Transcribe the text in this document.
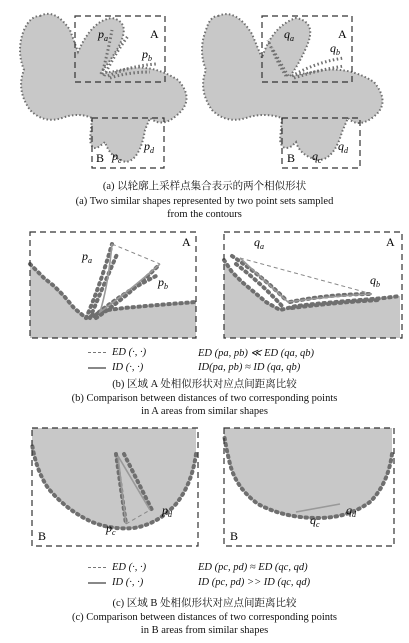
$p_a$	A
$p_b$
B $p_c$
$p_d$
$q_a$	A
$q_b$
B $q_c$
$q_d$
(a) 以轮廓上采样点集合表示的两个相似形状
(a) Two similar shapes represented by two point sets sampled
from the contours
$p_a$
$p_b$
A	$q_a$
$q_b$
A
ED (·, ·)
ID (·, ·)
ED (pa, pb) ≪ ED (qa, qb)
ID(pa, pb) ≈ ID (qa, qb)
(b) 区域 A 处相似形状对应点间距离比较
(b) Comparison between distances of two corresponding points
in A areas from similar shapes
B
$p_c$
$p_d$
B
$q_c$
$q_d$
ED (·, ·)
ID (·, ·)
ED (pc, pd) ≈ ED (qc, qd)
ID (pc, pd) >> ID (qc, qd)
(c) 区域 B 处相似形状对应点间距离比较
(c) Comparison between distances of two corresponding points
in B areas from similar shapes
